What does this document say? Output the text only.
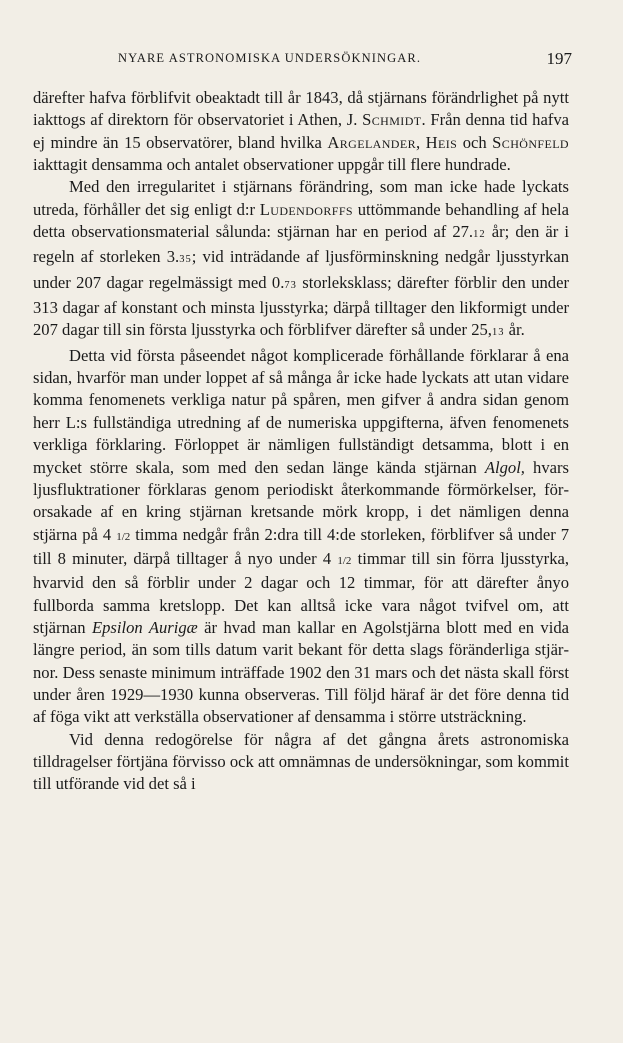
NYARE ASTRONOMISKA UNDERSÖKNINGAR.	197

därefter hafva förblifvit obeaktadt till år 1843, då stjärnans förändrlighet på nytt iakttogs af direktorn för observatoriet i Athen, J. Schmidt. Från denna tid hafva ej mindre än 15 observatörer, bland hvilka Argelander, Heis och Schönfeld iakttagit densamma och antalet observationer uppgår till flere hundrade.

Med den irregularitet i stjärnans förändring, som man icke hade lyckats utreda, förhåller det sig enligt d:r Ludendorffs uttömmande behandling af hela detta observationsmaterial sålunda: stjärnan har en period af 27.12 år; den är i regeln af storleken 3.35; vid inträdande af ljusförminskning nedgår ljusstyrkan under 207 dagar regelmässigt med 0.73 storleksklass; därefter förblir den under 313 dagar af konstant och minsta ljusstyrka; därpå tilltager den likformigt under 207 dagar till sin första ljusstyrka och förblifver därefter så under 25,13 år.

Detta vid första påseendet något komplicerade förhållande förklarar å ena sidan, hvarför man under loppet af så många år icke hade lyckats att utan vidare komma fenomenets verkliga natur på spåren, men gifver å andra sidan genom herr L:s fullständiga utredning af de numeriska uppgifterna, äfven fenomenets verkliga förklaring. Förloppet är nämligen fullständigt detsamma, blott i en mycket större skala, som med den sedan länge kända stjärnan Algol, hvars ljusfluktrationer förklaras genom periodiskt återkommande förmörkelser, förorsakade af en kring stjärnan kretsande mörk kropp, i det nämligen denna stjärna på 4 1/2 timma nedgår från 2:dra till 4:de storleken, förblifver så under 7 till 8 minuter, därpå tilltager å nyo under 4 1/2 timmar till sin förra ljusstyrka, hvarvid den så förblir under 2 dagar och 12 timmar, för att därefter ånyo fullborda samma kretslopp. Det kan alltså icke vara något tvifvel om, att stjärnan Epsilon Aurigæ är hvad man kallar en Agolstjärna blott med en vida längre period, än som tills datum varit bekant för detta slags föränderliga stjärnor. Dess senaste minimum inträffade 1902 den 31 mars och det nästa skall först under åren 1929—1930 kunna observeras. Till följd häraf är det före denna tid af föga vikt att verkställa observationer af densamma i större utsträckning.

Vid denna redogörelse för några af det gångna årets astronomiska tilldragelser förtjäna förvisso ock att omnämnas de undersökningar, som kommit till utförande vid det så i
